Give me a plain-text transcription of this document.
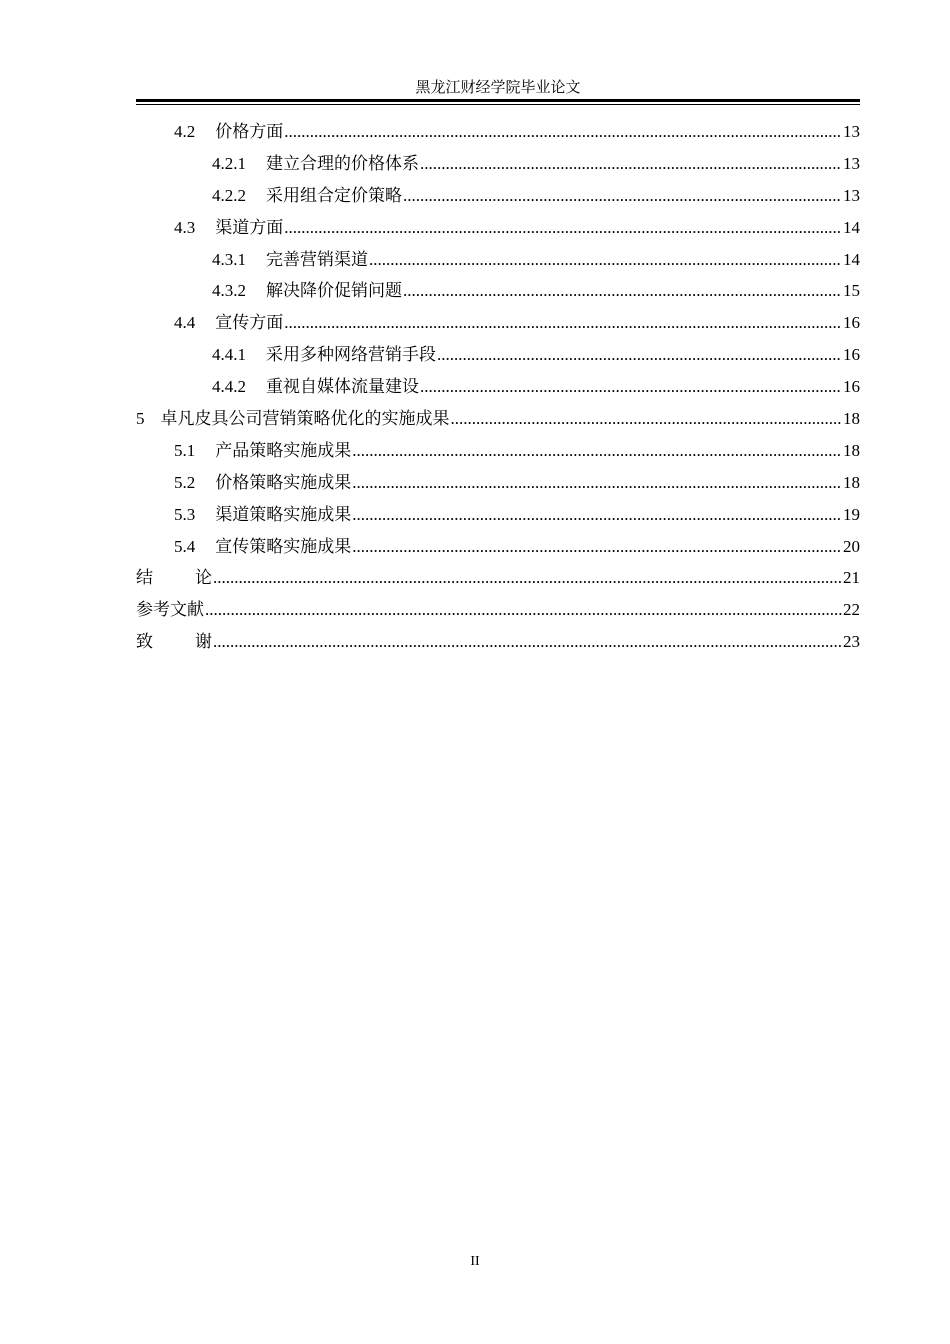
黑龙江财经学院毕业论文
4.2 价格方面 .....	13
4.2.1 建立合理的价格体系 .....	13
4.2.2 采用组合定价策略 .....	13
4.3 渠道方面 .....	14
4.3.1 完善营销渠道 .....	14
4.3.2 解决降价促销问题 .....	15
4.4 宣传方面 .....	16
4.4.1 采用多种网络营销手段 .....	16
4.4.2 重视自媒体流量建设 .....	16
5 卓凡皮具公司营销策略优化的实施成果 .....	18
5.1 产品策略实施成果 .....	18
5.2 价格策略实施成果 .....	18
5.3 渠道策略实施成果 .....	19
5.4 宣传策略实施成果 .....	20
结 论 .....	21
参考文献 .....	22
致 谢 .....	23
II
